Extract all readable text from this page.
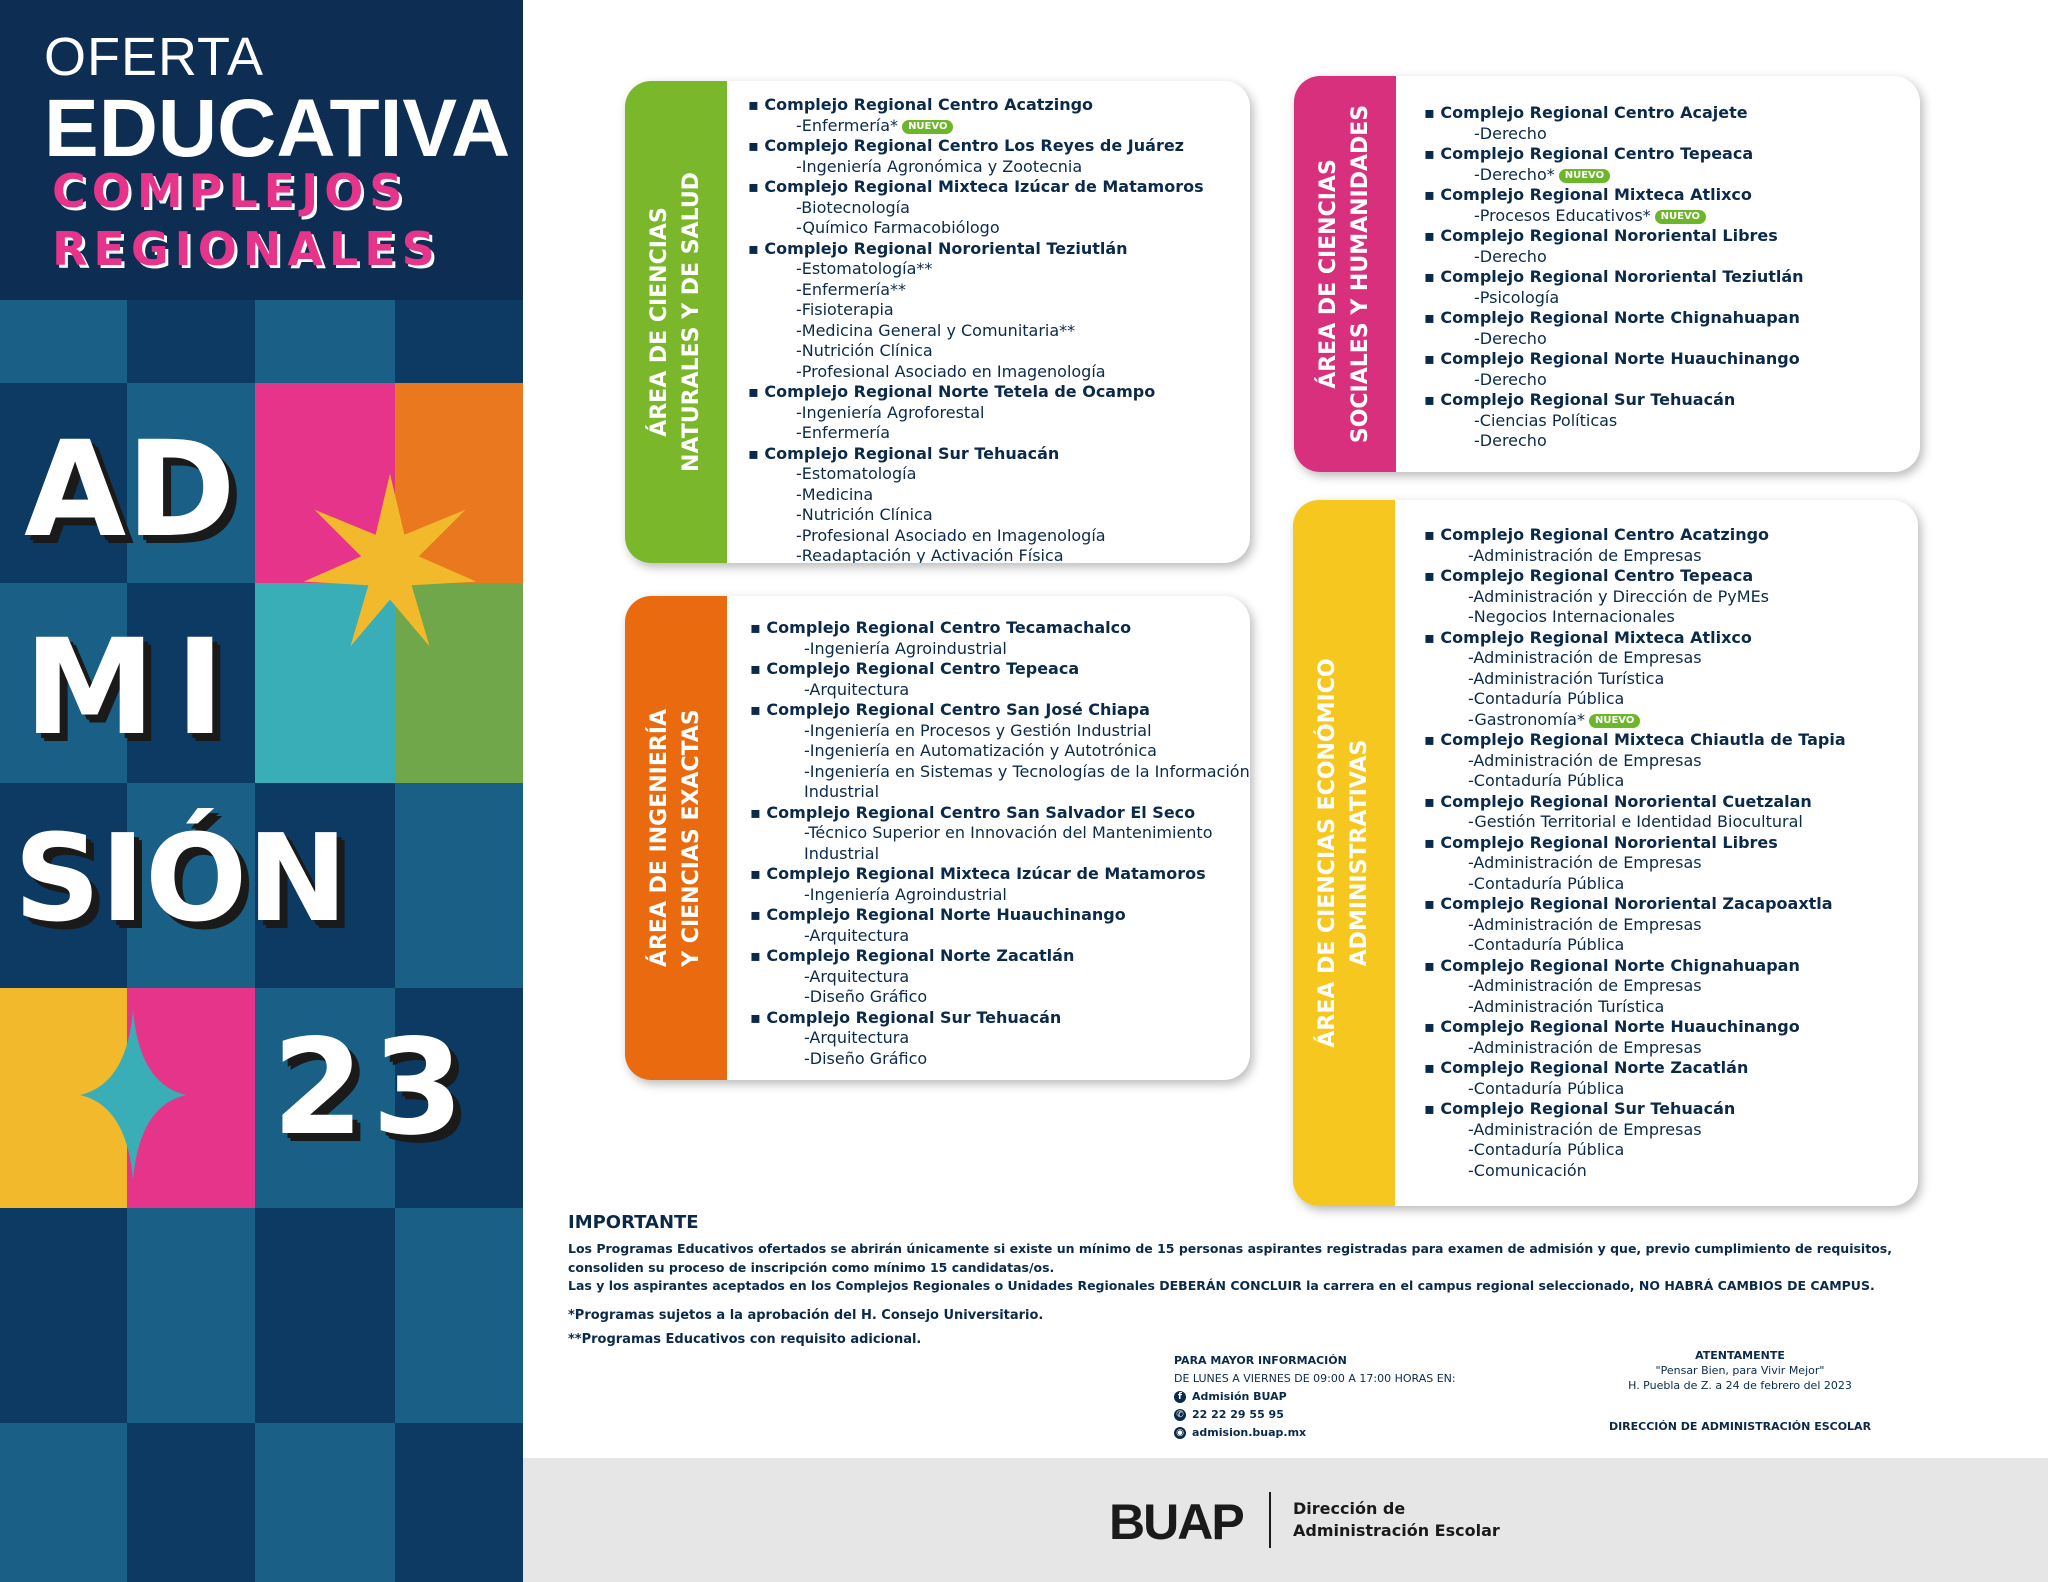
OFERTA
EDUCATIVA
COMPLEJOS
REGIONALES
AD
MI
SIÓN
23
ÁREA DE CIENCIAS NATURALES Y DE SALUD
▪ Complejo Regional Centro Acatzingo
-Enfermería* NUEVO
▪ Complejo Regional Centro Los Reyes de Juárez
-Ingeniería Agronómica y Zootecnia
▪ Complejo Regional Mixteca Izúcar de Matamoros
-Biotecnología
-Químico Farmacobiólogo
▪ Complejo Regional Nororiental Teziutlán
-Estomatología**
-Enfermería**
-Fisioterapia
-Medicina General y Comunitaria**
-Nutrición Clínica
-Profesional Asociado en Imagenología
▪ Complejo Regional Norte Tetela de Ocampo
-Ingeniería Agroforestal
-Enfermería
▪ Complejo Regional Sur Tehuacán
-Estomatología
-Medicina
-Nutrición Clínica
-Profesional Asociado en Imagenología
-Readaptación y Activación Física
ÁREA DE INGENIERÍA Y CIENCIAS EXACTAS
▪ Complejo Regional Centro Tecamachalco
-Ingeniería Agroindustrial
▪ Complejo Regional Centro Tepeaca
-Arquitectura
▪ Complejo Regional Centro San José Chiapa
-Ingeniería en Procesos y Gestión Industrial
-Ingeniería en Automatización y Autotrónica
-Ingeniería en Sistemas y Tecnologías de la Información
Industrial
▪ Complejo Regional Centro San Salvador El Seco
-Técnico Superior en Innovación del Mantenimiento
Industrial
▪ Complejo Regional Mixteca Izúcar de Matamoros
-Ingeniería Agroindustrial
▪ Complejo Regional Norte Huauchinango
-Arquitectura
▪ Complejo Regional Norte Zacatlán
-Arquitectura
-Diseño Gráfico
▪ Complejo Regional Sur Tehuacán
-Arquitectura
-Diseño Gráfico
ÁREA DE CIENCIAS SOCIALES Y HUMANIDADES
▪	Complejo Regional Centro Acajete
-Derecho
▪ Complejo Regional Centro Tepeaca
-Derecho* NUEVO
▪ Complejo Regional Mixteca Atlixco
-Procesos Educativos* NUEVO
▪ Complejo Regional Nororiental Libres
-Derecho
▪ Complejo Regional Nororiental Teziutlán
-Psicología
▪ Complejo Regional Norte Chignahuapan
-Derecho
▪ Complejo Regional Norte Huauchinango
-Derecho
▪ Complejo Regional Sur Tehuacán
-Ciencias Políticas
-Derecho
ÁREA DE CIENCIAS ECONÓMICO ADMINISTRATIVAS
▪ Complejo Regional Centro Acatzingo
-Administración de Empresas
▪ Complejo Regional Centro Tepeaca
-Administración y Dirección de PyMEs
-Negocios Internacionales
▪ Complejo Regional Mixteca Atlixco
-Administración de Empresas
-Administración Turística
-Contaduría Pública
-Gastronomía* NUEVO
▪ Complejo Regional Mixteca Chiautla de Tapia
-Administración de Empresas
-Contaduría Pública
▪ Complejo Regional Nororiental Cuetzalan
-Gestión Territorial e Identidad Biocultural
▪ Complejo Regional Nororiental Libres
-Administración de Empresas
-Contaduría Pública
▪ Complejo Regional Nororiental Zacapoaxtla
-Administración de Empresas
-Contaduría Pública
▪ Complejo Regional Norte Chignahuapan
-Administración de Empresas
-Administración Turística
▪ Complejo Regional Norte Huauchinango
-Administración de Empresas
▪ Complejo Regional Norte Zacatlán
-Contaduría Pública
▪ Complejo Regional Sur Tehuacán
-Administración de Empresas
-Contaduría Pública
-Comunicación
IMPORTANTE
Los Programas Educativos ofertados se abrirán únicamente si existe un mínimo de 15 personas aspirantes registradas para examen de admisión y que, previo cumplimiento de requisitos, consoliden su proceso de inscripción como mínimo 15 candidatas/os.
Las y los aspirantes aceptados en los Complejos Regionales o Unidades Regionales DEBERÁN CONCLUIR la carrera en el campus regional seleccionado, NO HABRÁ CAMBIOS DE CAMPUS.
*Programas sujetos a la aprobación del H. Consejo Universitario.
**Programas Educativos con requisito adicional.
PARA MAYOR INFORMACIÓN
DE LUNES A VIERNES DE 09:00 A 17:00 HORAS EN:
f Admisión BUAP
✆ 22 22 29 55 95
◉ admision.buap.mx
ATENTAMENTE
"Pensar Bien, para Vivir Mejor"
H. Puebla de Z. a 24 de febrero del 2023
DIRECCIÓN DE ADMINISTRACIÓN ESCOLAR
BUAP	Dirección de
Administración Escolar
